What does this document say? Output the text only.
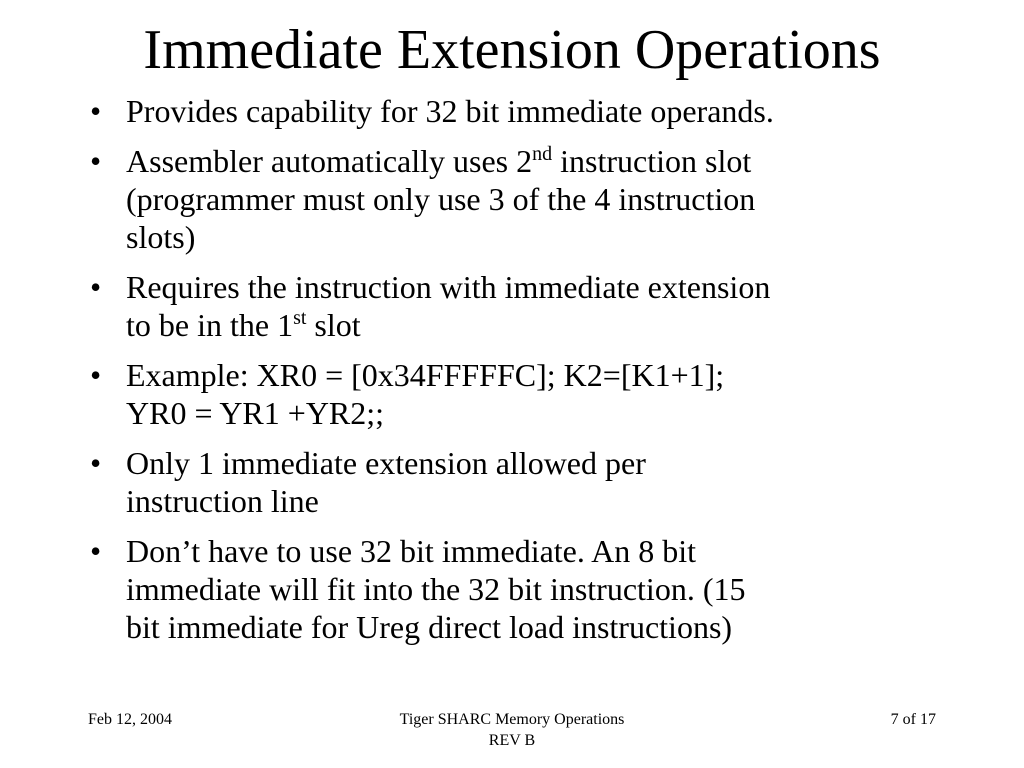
Immediate Extension Operations
• Provides capability for 32 bit immediate operands.
• Assembler automatically uses 2nd instruction slot
(programmer must only use 3 of the 4 instruction
slots)
• Requires the instruction with immediate extension
to be in the 1st slot
• Example: XR0 = [0x34FFFFFC]; K2=[K1+1];
YR0 = YR1 +YR2;;
• Only 1 immediate extension allowed per
instruction line
• Don’t have to use 32 bit immediate. An 8 bit
immediate will fit into the 32 bit instruction. (15
bit immediate for Ureg direct load instructions)
Feb 12, 2004	Tiger SHARC Memory Operations
REV B
7 of 17
